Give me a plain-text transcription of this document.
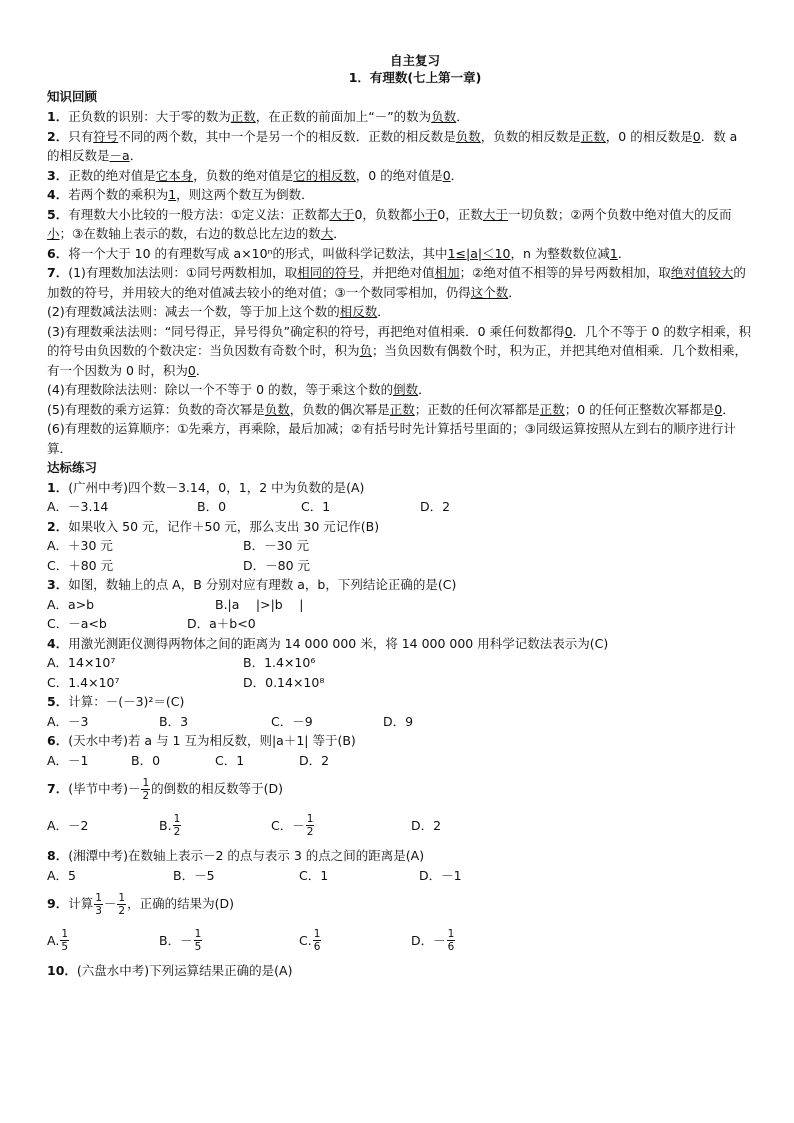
自主复习
1．有理数(七上第一章)
知识回顾
1．正负数的识别：大于零的数为正数，在正数的前面加上“－”的数为负数．
2．只有符号不同的两个数，其中一个是另一个的相反数．正数的相反数是负数，负数的相反数是正数，0 的相反数是0．数 a 的相反数是－a．
3．正数的绝对值是它本身，负数的绝对值是它的相反数，0 的绝对值是0．
4．若两个数的乘积为1，则这两个数互为倒数．
5．有理数大小比较的一般方法：①定义法：正数都大于0，负数都小于0，正数大于一切负数；②两个负数中绝对值大的反而小；③在数轴上表示的数，右边的数总比左边的数大．
6．将一个大于 10 的有理数写成 a×10ⁿ的形式，叫做科学记数法，其中1≤|a|＜10，n 为整数数位减1．
7．(1)有理数加法法则：①同号两数相加，取相同的符号，并把绝对值相加；②绝对值不相等的异号两数相加，取绝对值较大的加数的符号，并用较大的绝对值减去较小的绝对值；③一个数同零相加，仍得这个数．
(2)有理数减法法则：减去一个数，等于加上这个数的相反数．
(3)有理数乘法法则：“同号得正，异号得负”确定积的符号，再把绝对值相乘．0 乘任何数都得0．几个不等于 0 的数字相乘，积的符号由负因数的个数决定：当负因数有奇数个时，积为负；当负因数有偶数个时，积为正，并把其绝对值相乘．几个数相乘，有一个因数为 0 时，积为0．
(4)有理数除法法则：除以一个不等于 0 的数，等于乘这个数的倒数．
(5)有理数的乘方运算：负数的奇次幂是负数，负数的偶次幂是正数；正数的任何次幂都是正数；0 的任何正整数次幂都是0．
(6)有理数的运算顺序：①先乘方，再乘除，最后加减；②有括号时先计算括号里面的；③同级运算按照从左到右的顺序进行计算．
达标练习
1．(广州中考)四个数－3.14，0，1，2 中为负数的是(A)
A．－3.14	B．0	C．1	D．2
2．如果收入 50 元，记作＋50 元，那么支出 30 元记作(B)
A．＋30 元	B．－30 元
C．＋80 元	D．－80 元
3．如图，数轴上的点 A，B 分别对应有理数 a，b，下列结论正确的是(C)
A．a>b	B.|a　 |>|b　 |
C．－a<b	D．a＋b<0
4．用激光测距仪测得两物体之间的距离为 14 000 000 米，将 14 000 000 用科学记数法表示为(C)
A．14×10⁷	B．1.4×10⁶
C．1.4×10⁷	D．0.14×10⁸
5．计算：－(－3)²＝(C)
A．－3	B．3	C．－9	D．9
6．(天水中考)若 a 与 1 互为相反数，则|a＋1| 等于(B)
A．－1	B．0	C．1	D．2
7．(毕节中考)－ $\frac{1}{2}$ 的倒数的相反数等于(D)
A．－2	B. $\frac{1}{2}$	C．－ $\frac{1}{2}$	D．2
8．(湘潭中考)在数轴上表示－2 的点与表示 3 的点之间的距离是(A)
A．5	B．－5	C．1	D．－1
9．计算 $\frac{1}{3} - \frac{1}{2}$ ，正确的结果为(D)
A. $\frac{1}{5}$	B．－ $\frac{1}{5}$	C. $\frac{1}{6}$	D．－ $\frac{1}{6}$
10．(六盘水中考)下列运算结果正确的是(A)
